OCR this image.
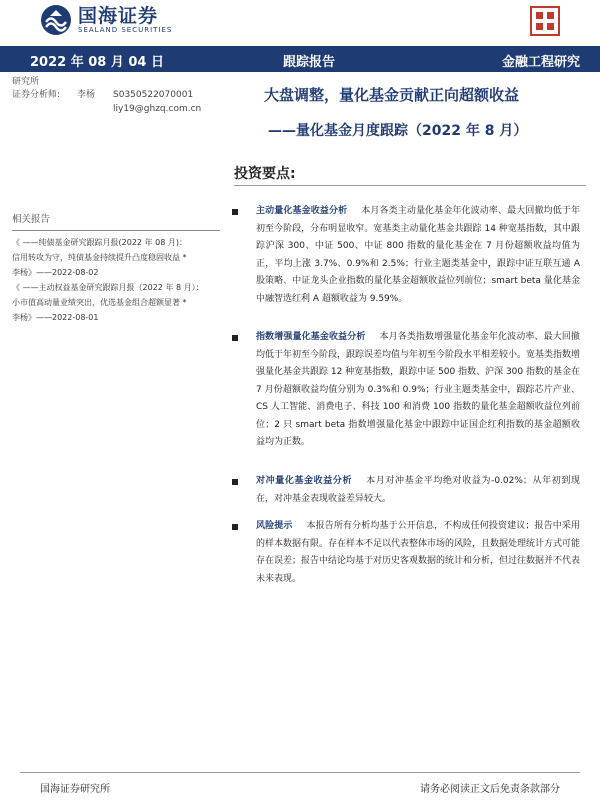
国海证券
SEALAND SECURITIES
2022 年 08 月 04 日	跟踪报告	金融工程研究
研究所
证券分析师:	李杨	S0350522070001
liy19@ghzq.com.cn
大盘调整，量化基金贡献正向超额收益
——量化基金月度跟踪（2022 年 8 月）
相关报告
《 ——纯债基金研究跟踪月报(2022 年 08 月)：
信用转攻为守，纯债基金持续提升凸度稳固收益 *
李杨》——2022-08-02
《 ——主动权益基金研究跟踪月报（2022 年 8 月）：
小市值高动量业绩突出，优选基金组合超额显著 *
李杨》——2022-08-01
投资要点:
主动量化基金收益分析 本月各类主动量化基金年化波动率、最大回撤均低于年初至今阶段，分布明显收窄。宽基类主动量化基金共跟踪 14 种宽基指数，其中跟踪沪深 300、中证 500、中证 800 指数的量化基金在 7 月份超额收益均值为正，平均上涨 3.7%、0.9%和 2.5%；行业主题类基金中，跟踪中证互联互通 A 股策略、中证龙头企业指数的量化基金超额收益位列前位；smart beta 量化基金中融智选红利 A 超额收益为 9.59%。
指数增强量化基金收益分析 本月各类指数增强量化基金年化波动率、最大回撤均低于年初至今阶段，跟踪误差均值与年初至今阶段水平相差较小。宽基类指数增强量化基金共跟踪 12 种宽基指数，跟踪中证 500 指数、沪深 300 指数的基金在 7 月份超额收益均值分别为 0.3%和 0.9%；行业主题类基金中，跟踪芯片产业、CS 人工智能、消费电子、科技 100 和消费 100 指数的量化基金超额收益位列前位；2 只 smart beta 指数增强量化基金中跟踪中证国企红利指数的基金超额收益均为正数。
对冲量化基金收益分析 本月对冲基金平均绝对收益为-0.02%；从年初到现在，对冲基金表现收益差异较大。
风险提示 本报告所有分析均基于公开信息，不构成任何投资建议；报告中采用的样本数据有限。存在样本不足以代表整体市场的风险，且数据处理统计方式可能存在误差；报告中结论均基于对历史客观数据的统计和分析，但过往数据并不代表未来表现。
国海证券研究所	请务必阅读正文后免责条款部分
